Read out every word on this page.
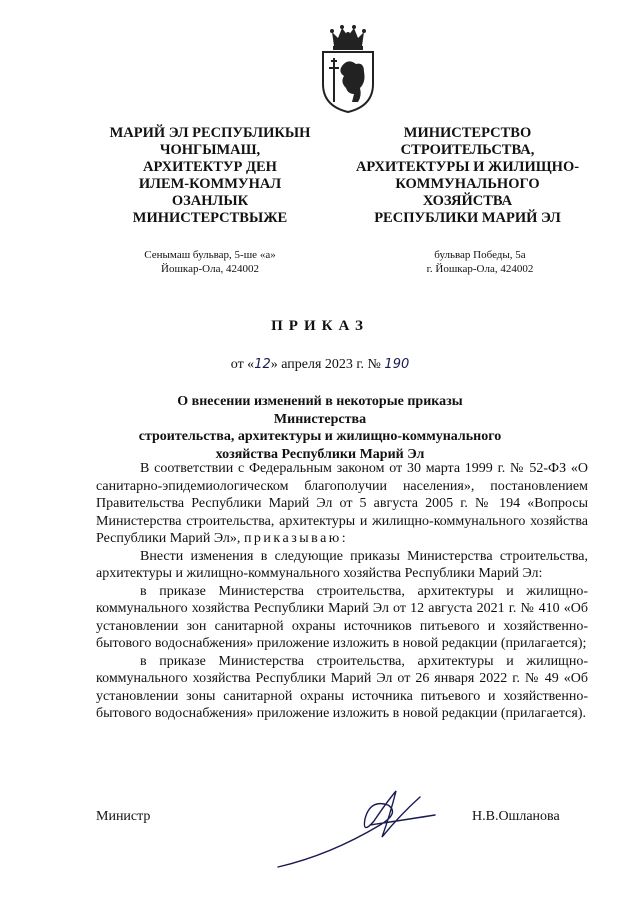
МАРИЙ ЭЛ РЕСПУБЛИКЫН
ЧОНГЫМАШ,
АРХИТЕКТУР ДЕН
ИЛЕМ-КОММУНАЛ
ОЗАНЛЫК
МИНИСТЕРСТВЫЖЕ
МИНИСТЕРСТВО
СТРОИТЕЛЬСТВА,
АРХИТЕКТУРЫ И ЖИЛИЩНО-
КОММУНАЛЬНОГО
ХОЗЯЙСТВА
РЕСПУБЛИКИ МАРИЙ ЭЛ
Сенымаш бульвар, 5-ше «а»
Йошкар-Ола, 424002
бульвар Победы, 5а
г. Йошкар-Ола, 424002
ПРИКАЗ
от «12» апреля 2023 г. № 190
О внесении изменений в некоторые приказы Министерства
строительства, архитектуры и жилищно-коммунального
хозяйства Республики Марий Эл

В соответствии с Федеральным законом от 30 марта 1999 г. № 52-ФЗ «О санитарно-эпидемиологическом благополучии населения», постановлением Правительства Республики Марий Эл от 5 августа 2005 г. № 194 «Вопросы Министерства строительства, архитектуры и жилищно-коммунального хозяйства Республики Марий Эл», приказываю:

Внести изменения в следующие приказы Министерства строительства, архитектуры и жилищно-коммунального хозяйства Республики Марий Эл:

в приказе Министерства строительства, архитектуры и жилищно-коммунального хозяйства Республики Марий Эл от 12 августа 2021 г. № 410 «Об установлении зон санитарной охраны источников питьевого и хозяйственно-бытового водоснабжения» приложение изложить в новой редакции (прилагается);

в приказе Министерства строительства, архитектуры и жилищно-коммунального хозяйства Республики Марий Эл от 26 января 2022 г. № 49 «Об установлении зоны санитарной охраны источника питьевого и хозяйственно-бытового водоснабжения» приложение изложить в новой редакции (прилагается).

Министр	Н.В.Ошланова
